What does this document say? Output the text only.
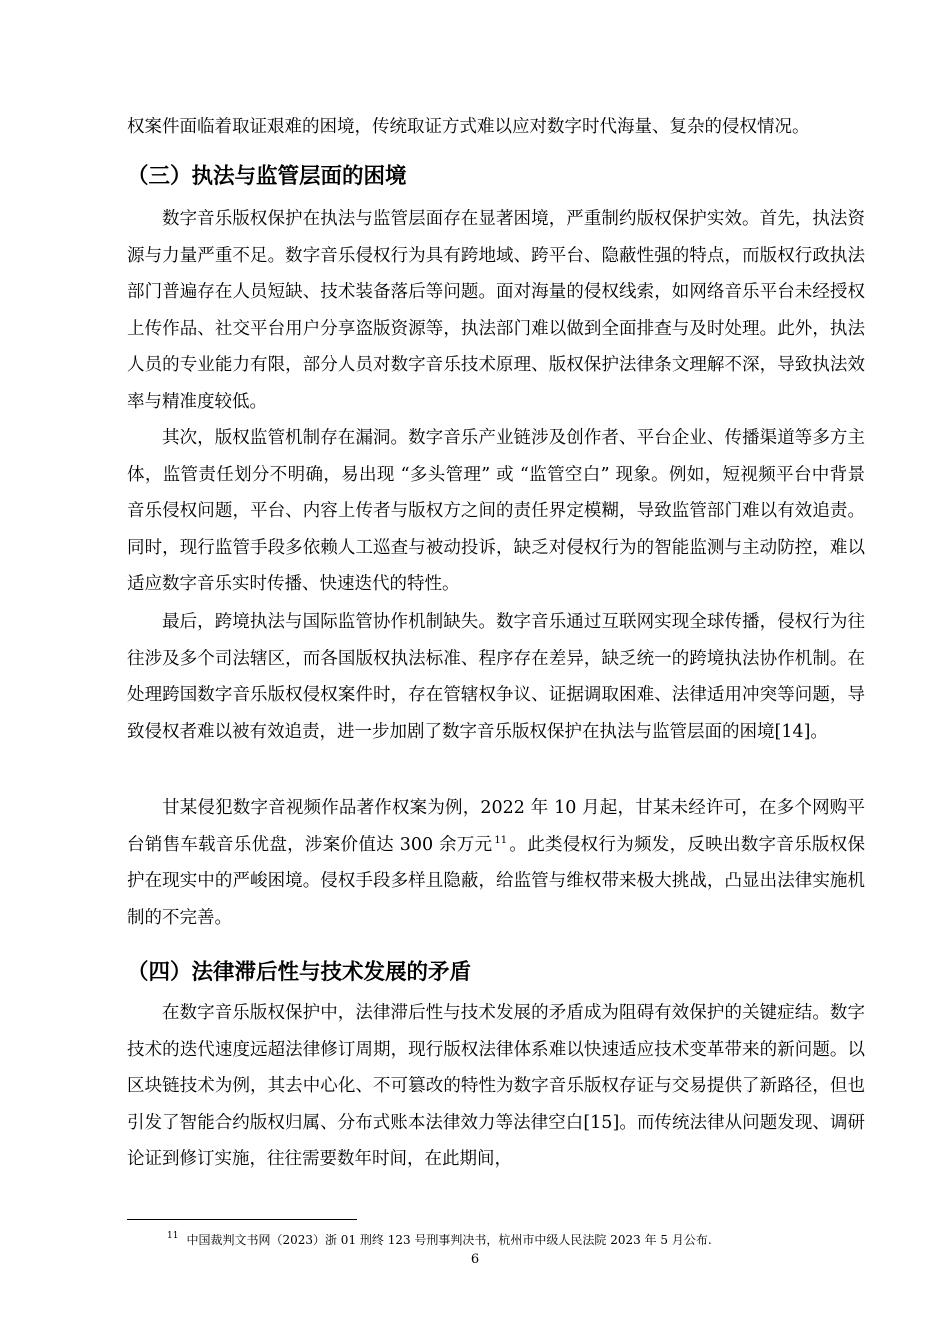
权案件面临着取证艰难的困境，传统取证方式难以应对数字时代海量、复杂的侵权情况。

（三）执法与监管层面的困境

数字音乐版权保护在执法与监管层面存在显著困境，严重制约版权保护实效。首先，执法资源与力量严重不足。数字音乐侵权行为具有跨地域、跨平台、隐蔽性强的特点，而版权行政执法部门普遍存在人员短缺、技术装备落后等问题。面对海量的侵权线索，如网络音乐平台未经授权上传作品、社交平台用户分享盗版资源等，执法部门难以做到全面排查与及时处理。此外，执法人员的专业能力有限，部分人员对数字音乐技术原理、版权保护法律条文理解不深，导致执法效率与精准度较低。

其次，版权监管机制存在漏洞。数字音乐产业链涉及创作者、平台企业、传播渠道等多方主体，监管责任划分不明确，易出现 “多头管理” 或 “监管空白” 现象。例如，短视频平台中背景音乐侵权问题，平台、内容上传者与版权方之间的责任界定模糊，导致监管部门难以有效追责。同时，现行监管手段多依赖人工巡查与被动投诉，缺乏对侵权行为的智能监测与主动防控，难以适应数字音乐实时传播、快速迭代的特性。

最后，跨境执法与国际监管协作机制缺失。数字音乐通过互联网实现全球传播，侵权行为往往涉及多个司法辖区，而各国版权执法标准、程序存在差异，缺乏统一的跨境执法协作机制。在处理跨国数字音乐版权侵权案件时，存在管辖权争议、证据调取困难、法律适用冲突等问题，导致侵权者难以被有效追责，进一步加剧了数字音乐版权保护在执法与监管层面的困境[14]。

甘某侵犯数字音视频作品著作权案为例，2022 年 10 月起，甘某未经许可，在多个网购平台销售车载音乐优盘，涉案价值达 300 余万元 $^{11}$ 。此类侵权行为频发，反映出数字音乐版权保护在现实中的严峻困境。侵权手段多样且隐蔽，给监管与维权带来极大挑战，凸显出法律实施机制的不完善。

（四）法律滞后性与技术发展的矛盾

在数字音乐版权保护中，法律滞后性与技术发展的矛盾成为阻碍有效保护的关键症结。数字技术的迭代速度远超法律修订周期，现行版权法律体系难以快速适应技术变革带来的新问题。以区块链技术为例，其去中心化、不可篡改的特性为数字音乐版权存证与交易提供了新路径，但也引发了智能合约版权归属、分布式账本法律效力等法律空白[15]。而传统法律从问题发现、调研论证到修订实施，往往需要数年时间，在此期间，

$^{11}$ 中国裁判文书网（2023）浙 01 刑终 123 号刑事判决书，杭州市中级人民法院 2023 年 5 月公布.

6
